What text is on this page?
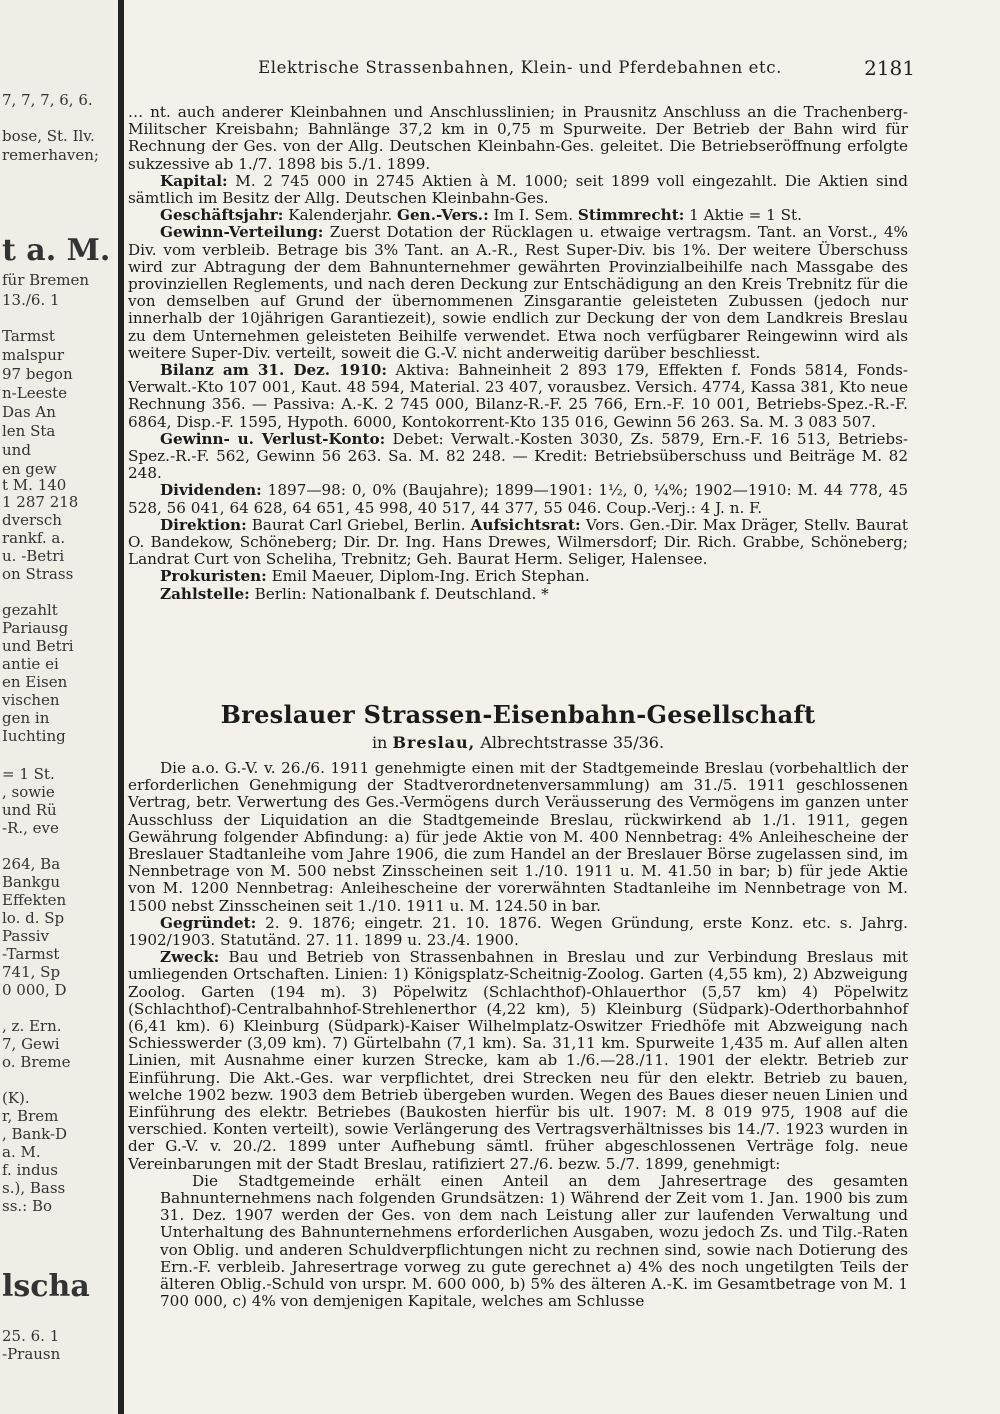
7, 7, 7, 6, 6.
bose, St. Ilv.
remerhaven;
t a. M.
für Bremen
13./6. 1
Tarmst
malspur
97 begon
n-Leeste
Das An
len Sta
und
en gew
t M. 140
1 287 218
dversch
rankf. a.
u. -Betri
on Strass
gezahlt
Pariausg
und Betri
antie ei
en Eisen
vischen
gen in
Iuchting
= 1 St.
, sowie
und Rü
-R., eve
264, Ba
Bankgu
Effekten
lo. d. Sp
Passiv
-Tarmst
741, Sp
0 000, D
, z. Ern.
7, Gewi
o. Breme
(K).
r, Brem
, Bank-D
a. M.
f. indus
s.), Bass
ss.: Bo
lscha
25. 6. 1
-Prausn
Elektrische Strassenbahnen, Klein- und Pferdebahnen etc.	2181

… nt. auch anderer Kleinbahnen und Anschlusslinien; in Prausnitz Anschluss an die Trachenberg-Militscher Kreisbahn; Bahnlänge 37,2 km in 0,75 m Spurweite. Der Betrieb der Bahn wird für Rechnung der Ges. von der Allg. Deutschen Kleinbahn-Ges. geleitet. Die Betriebseröffnung erfolgte sukzessive ab 1./7. 1898 bis 5./1. 1899.

Kapital: M. 2 745 000 in 2745 Aktien à M. 1000; seit 1899 voll eingezahlt. Die Aktien sind sämtlich im Besitz der Allg. Deutschen Kleinbahn-Ges.

Geschäftsjahr: Kalenderjahr. Gen.-Vers.: Im I. Sem. Stimmrecht: 1 Aktie = 1 St.

Gewinn-Verteilung: Zuerst Dotation der Rücklagen u. etwaige vertragsm. Tant. an Vorst., 4% Div. vom verbleib. Betrage bis 3% Tant. an A.-R., Rest Super-Div. bis 1%. Der weitere Überschuss wird zur Abtragung der dem Bahnunternehmer gewährten Provinzialbeihilfe nach Massgabe des provinziellen Reglements, und nach deren Deckung zur Entschädigung an den Kreis Trebnitz für die von demselben auf Grund der übernommenen Zinsgarantie geleisteten Zubussen (jedoch nur innerhalb der 10jährigen Garantiezeit), sowie endlich zur Deckung der von dem Landkreis Breslau zu dem Unternehmen geleisteten Beihilfe verwendet. Etwa noch verfügbarer Reingewinn wird als weitere Super-Div. verteilt, soweit die G.-V. nicht anderweitig darüber beschliesst.

Bilanz am 31. Dez. 1910: Aktiva: Bahneinheit 2 893 179, Effekten f. Fonds 5814, Fonds-Verwalt.-Kto 107 001, Kaut. 48 594, Material. 23 407, vorausbez. Versich. 4774, Kassa 381, Kto neue Rechnung 356. — Passiva: A.-K. 2 745 000, Bilanz-R.-F. 25 766, Ern.-F. 10 001, Betriebs-Spez.-R.-F. 6864, Disp.-F. 1595, Hypoth. 6000, Kontokorrent-Kto 135 016, Gewinn 56 263. Sa. M. 3 083 507.

Gewinn- u. Verlust-Konto: Debet: Verwalt.-Kosten 3030, Zs. 5879, Ern.-F. 16 513, Betriebs-Spez.-R.-F. 562, Gewinn 56 263. Sa. M. 82 248. — Kredit: Betriebsüberschuss und Beiträge M. 82 248.

Dividenden: 1897—98: 0, 0% (Baujahre); 1899—1901: 1½, 0, ¼%; 1902—1910: M. 44 778, 45 528, 56 041, 64 628, 64 651, 45 998, 40 517, 44 377, 55 046. Coup.-Verj.: 4 J. n. F.

Direktion: Baurat Carl Griebel, Berlin. Aufsichtsrat: Vors. Gen.-Dir. Max Dräger, Stellv. Baurat O. Bandekow, Schöneberg; Dir. Dr. Ing. Hans Drewes, Wilmersdorf; Dir. Rich. Grabbe, Schöneberg; Landrat Curt von Scheliha, Trebnitz; Geh. Baurat Herm. Seliger, Halensee.

Prokuristen: Emil Maeuer, Diplom-Ing. Erich Stephan.

Zahlstelle: Berlin: Nationalbank f. Deutschland. *

Breslauer Strassen-Eisenbahn-Gesellschaft
in Breslau, Albrechtstrasse 35/36.

Die a.o. G.-V. v. 26./6. 1911 genehmigte einen mit der Stadtgemeinde Breslau (vorbehaltlich der erforderlichen Genehmigung der Stadtverordnetenversammlung) am 31./5. 1911 geschlossenen Vertrag, betr. Verwertung des Ges.-Vermögens durch Veräusserung des Vermögens im ganzen unter Ausschluss der Liquidation an die Stadtgemeinde Breslau, rückwirkend ab 1./1. 1911, gegen Gewährung folgender Abfindung: a) für jede Aktie von M. 400 Nennbetrag: 4% Anleihescheine der Breslauer Stadtanleihe vom Jahre 1906, die zum Handel an der Breslauer Börse zugelassen sind, im Nennbetrage von M. 500 nebst Zinsscheinen seit 1./10. 1911 u. M. 41.50 in bar; b) für jede Aktie von M. 1200 Nennbetrag: Anleihescheine der vorerwähnten Stadtanleihe im Nennbetrage von M. 1500 nebst Zinsscheinen seit 1./10. 1911 u. M. 124.50 in bar.

Gegründet: 2. 9. 1876; eingetr. 21. 10. 1876. Wegen Gründung, erste Konz. etc. s. Jahrg. 1902/1903. Statutänd. 27. 11. 1899 u. 23./4. 1900.

Zweck: Bau und Betrieb von Strassenbahnen in Breslau und zur Verbindung Breslaus mit umliegenden Ortschaften. Linien: 1) Königsplatz-Scheitnig-Zoolog. Garten (4,55 km), 2) Abzweigung Zoolog. Garten (194 m). 3) Pöpelwitz (Schlachthof)-Ohlauerthor (5,57 km) 4) Pöpelwitz (Schlachthof)-Centralbahnhof-Strehlenerthor (4,22 km), 5) Kleinburg (Südpark)-Oderthorbahnhof (6,41 km). 6) Kleinburg (Südpark)-Kaiser Wilhelmplatz-Oswitzer Friedhöfe mit Abzweigung nach Schiesswerder (3,09 km). 7) Gürtelbahn (7,1 km). Sa. 31,11 km. Spurweite 1,435 m. Auf allen alten Linien, mit Ausnahme einer kurzen Strecke, kam ab 1./6.—28./11. 1901 der elektr. Betrieb zur Einführung. Die Akt.-Ges. war verpflichtet, drei Strecken neu für den elektr. Betrieb zu bauen, welche 1902 bezw. 1903 dem Betrieb übergeben wurden. Wegen des Baues dieser neuen Linien und Einführung des elektr. Betriebes (Baukosten hierfür bis ult. 1907: M. 8 019 975, 1908 auf die verschied. Konten verteilt), sowie Verlängerung des Vertragsverhältnisses bis 14./7. 1923 wurden in der G.-V. v. 20./2. 1899 unter Aufhebung sämtl. früher abgeschlossenen Verträge folg. neue Vereinbarungen mit der Stadt Breslau, ratifiziert 27./6. bezw. 5./7. 1899, genehmigt:

Die Stadtgemeinde erhält einen Anteil an dem Jahresertrage des gesamten Bahnunternehmens nach folgenden Grundsätzen: 1) Während der Zeit vom 1. Jan. 1900 bis zum 31. Dez. 1907 werden der Ges. von dem nach Leistung aller zur laufenden Verwaltung und Unterhaltung des Bahnunternehmens erforderlichen Ausgaben, wozu jedoch Zs. und Tilg.-Raten von Oblig. und anderen Schuldverpflichtungen nicht zu rechnen sind, sowie nach Dotierung des Ern.-F. verbleib. Jahresertrage vorweg zu gute gerechnet a) 4% des noch ungetilgten Teils der älteren Oblig.-Schuld von urspr. M. 600 000, b) 5% des älteren A.-K. im Gesamtbetrage von M. 1 700 000, c) 4% von demjenigen Kapitale, welches am Schlusse
